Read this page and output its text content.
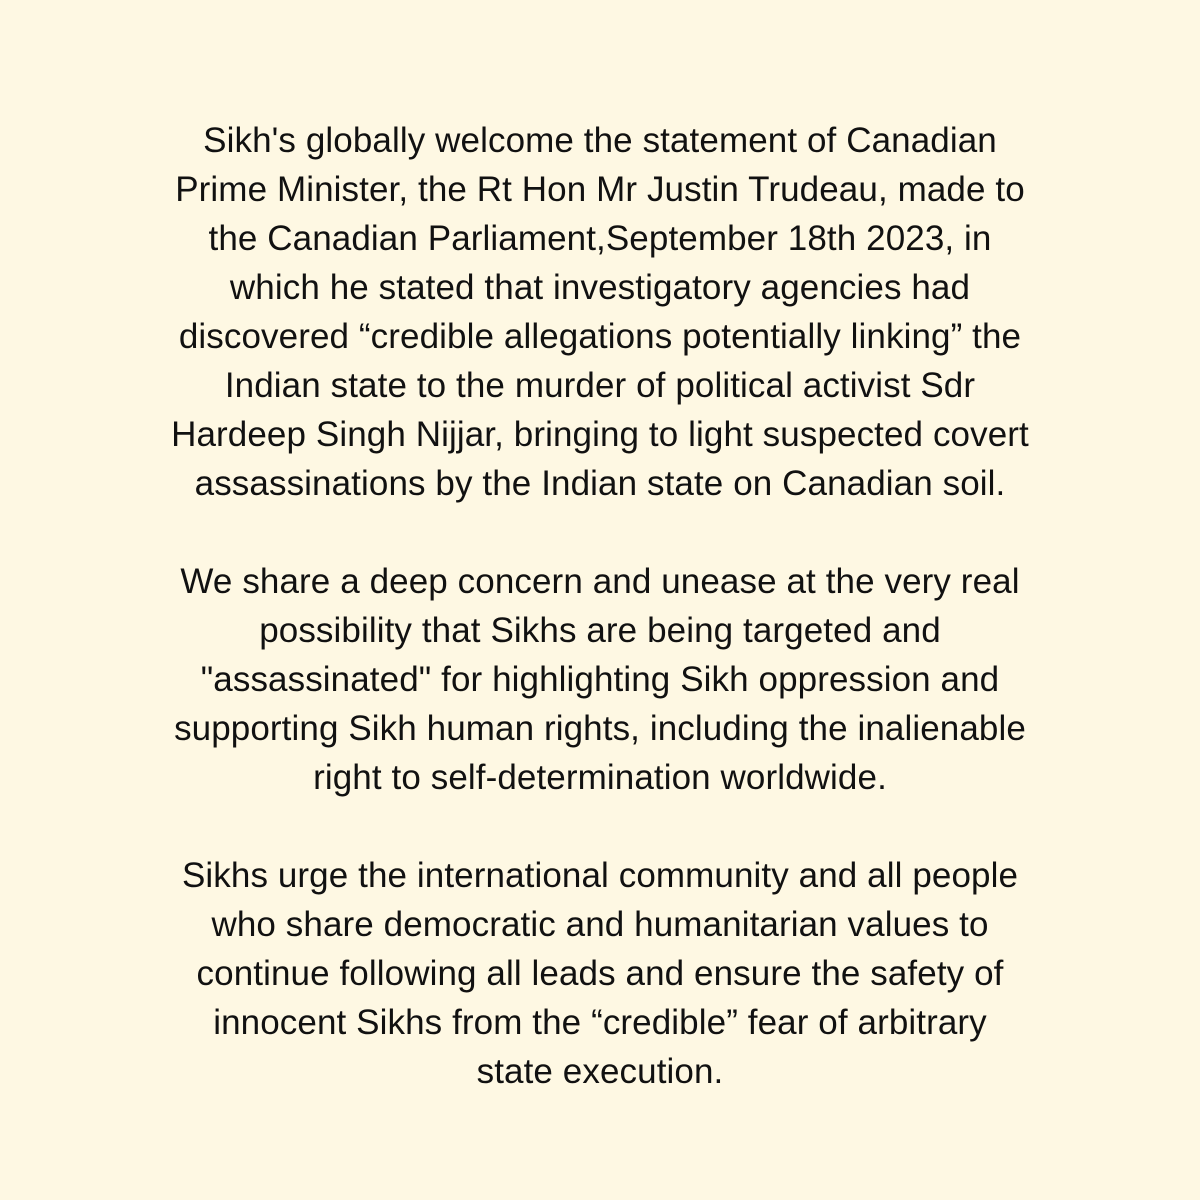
Sikh's globally welcome the statement of Canadian
Prime Minister, the Rt Hon Mr Justin Trudeau, made to
the Canadian Parliament,September 18th 2023, in
which he stated that investigatory agencies had
discovered “credible allegations potentially linking” the
Indian state to the murder of political activist Sdr
Hardeep Singh Nijjar, bringing to light suspected covert
assassinations by the Indian state on Canadian soil.
We share a deep concern and unease at the very real
possibility that Sikhs are being targeted and
"assassinated" for highlighting Sikh oppression and
supporting Sikh human rights, including the inalienable
right to self-determination worldwide.
Sikhs urge the international community and all people
who share democratic and humanitarian values to
continue following all leads and ensure the safety of
innocent Sikhs from the “credible” fear of arbitrary
state execution.
